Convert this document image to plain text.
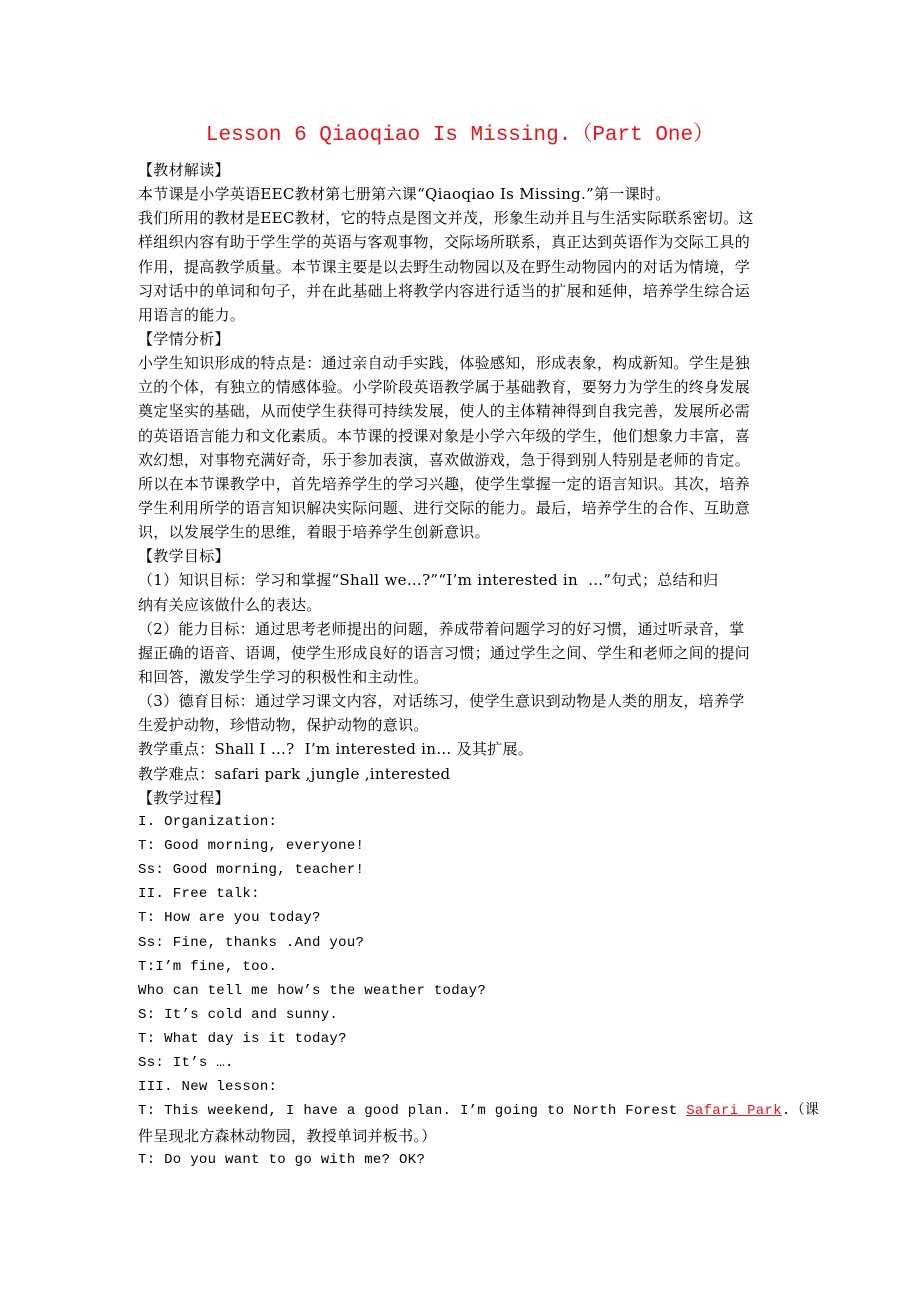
Lesson 6 Qiaoqiao Is Missing.（Part One）
【教材解读】
本节课是小学英语EEC教材第七册第六课“Qiaoqiao Is Missing.”第一课时。
我们所用的教材是EEC教材，它的特点是图文并茂，形象生动并且与生活实际联系密切。这
样组织内容有助于学生学的英语与客观事物，交际场所联系，真正达到英语作为交际工具的
作用，提高教学质量。本节课主要是以去野生动物园以及在野生动物园内的对话为情境，学
习对话中的单词和句子，并在此基础上将教学内容进行适当的扩展和延伸，培养学生综合运
用语言的能力。
【学情分析】
小学生知识形成的特点是：通过亲自动手实践，体验感知，形成表象，构成新知。学生是独
立的个体，有独立的情感体验。小学阶段英语教学属于基础教育，要努力为学生的终身发展
奠定坚实的基础，从而使学生获得可持续发展，使人的主体精神得到自我完善，发展所必需
的英语语言能力和文化素质。本节课的授课对象是小学六年级的学生，他们想象力丰富，喜
欢幻想，对事物充满好奇，乐于参加表演，喜欢做游戏，急于得到别人特别是老师的肯定。
所以在本节课教学中，首先培养学生的学习兴趣，使学生掌握一定的语言知识。其次，培养
学生利用所学的语言知识解决实际问题、进行交际的能力。最后，培养学生的合作、互助意
识，以发展学生的思维，着眼于培养学生创新意识。
【教学目标】
（1）知识目标：学习和掌握“Shall we…?”“I’m interested in  …”句式；总结和归
纳有关应该做什么的表达。
（2）能力目标：通过思考老师提出的问题，养成带着问题学习的好习惯，通过听录音，掌
握正确的语音、语调，使学生形成良好的语言习惯；通过学生之间、学生和老师之间的提问
和回答，激发学生学习的积极性和主动性。
（3）德育目标：通过学习课文内容，对话练习，使学生意识到动物是人类的朋友，培养学
生爱护动物，珍惜动物，保护动物的意识。
教学重点：Shall I …?  I’m interested in… 及其扩展。
教学难点：safari park ,jungle ,interested
【教学过程】
I. Organization:
T: Good morning, everyone!
Ss: Good morning, teacher!
II. Free talk:
T: How are you today?
Ss: Fine, thanks .And you?
T:I’m fine, too.
Who can tell me how’s the weather today?
S: It’s cold and sunny.
T: What day is it today?
Ss: It’s ….
III. New lesson:
T: This weekend, I have a good plan. I’m going to North Forest Safari Park.（课
件呈现北方森林动物园，教授单词并板书。）
T: Do you want to go with me? OK?
